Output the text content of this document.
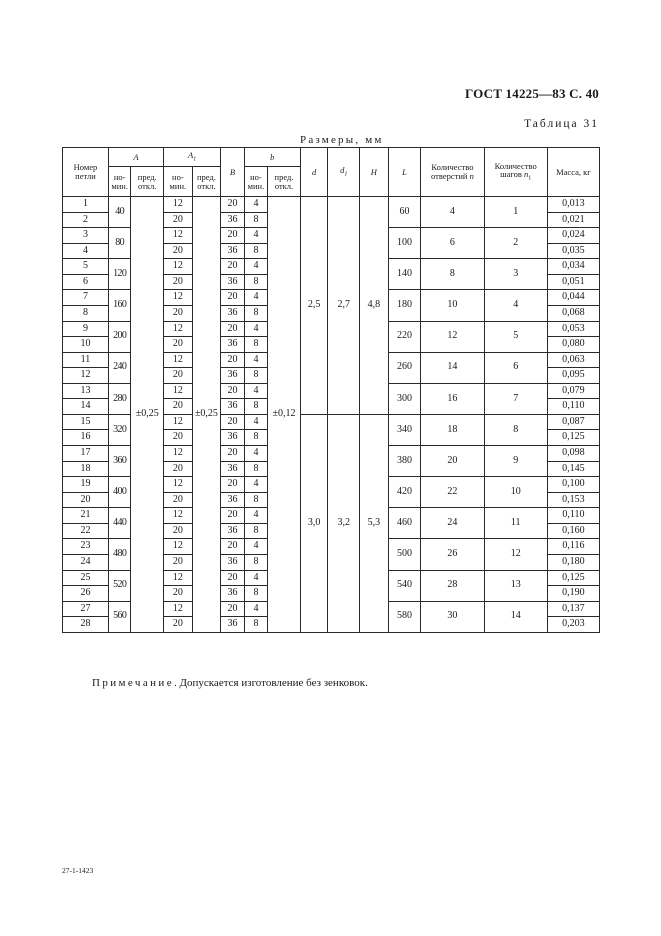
ГОСТ 14225—83 С. 40
Таблица 31
Размеры, мм
Номер петли	A		$A_1$		B	b		d	$d_1$	H	L	Количество отверстий n	Количество шагов $n_1$	Масса, кг
	но-мин.	пред. откл.	но-мин.	пред. откл.		но-мин.	пред. откл.							
1	40	±0,25	12	±0,25	20	4	±0,12	2,5	2,7	4,8	60	4	1	0,013
2			20		36	8								0,021
3	80		12		20	4					100	6	2	0,024
4			20		36	8								0,035
5	120		12		20	4					140	8	3	0,034
6			20		36	8								0,051
7	160		12		20	4					180	10	4	0,044
8			20		36	8								0,068
9	200		12		20	4					220	12	5	0,053
10			20		36	8								0,080
11	240		12		20	4					260	14	6	0,063
12			20		36	8								0,095
13	280		12		20	4					300	16	7	0,079
14			20		36	8								0,110
15	320		12		20	4		3,0	3,2	5,3	340	18	8	0,087
16			20		36	8								0,125
17	360		12		20	4					380	20	9	0,098
18			20		36	8								0,145
19	400		12		20	4					420	22	10	0,100
20			20		36	8								0,153
21	440		12		20	4					460	24	11	0,110
22			20		36	8								0,160
23	480		12		20	4					500	26	12	0,116
24			20		36	8								0,180
25	520		12		20	4					540	28	13	0,125
26			20		36	8								0,190
27	560		12		20	4					580	30	14	0,137
28			20		36	8								0,203
Примечание. Допускается изготовление без зенковок.
27-1-1423
